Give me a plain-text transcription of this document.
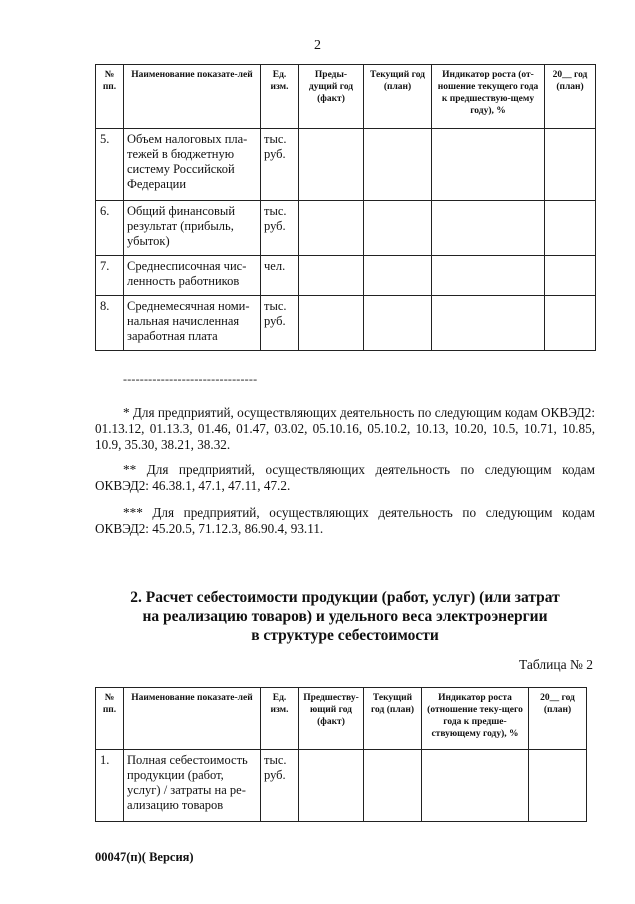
2
№ пп.	Наименование показате-лей	Ед. изм.	Преды-дущий год (факт)	Текущий год (план)	Индикатор роста (от-ношение текущего года к предшествую-щему году), %	20__ год (план)
5.	Объем налоговых пла-тежей в бюджетную систему Российской Федерации	тыс. руб.				
6.	Общий финансовый результат (прибыль, убыток)	тыс. руб.				
7.	Среднесписочная чис-ленность работников	чел.				
8.	Среднемесячная номи-нальная начисленная заработная плата	тыс. руб.				
--------------------------------
* Для предприятий, осуществляющих деятельность по следующим кодам ОКВЭД2: 01.13.12, 01.13.3, 01.46, 01.47, 03.02, 05.10.16, 05.10.2, 10.13, 10.20, 10.5, 10.71, 10.85, 10.9, 35.30, 38.21, 38.32.
** Для предприятий, осуществляющих деятельность по следующим кодам ОКВЭД2: 46.38.1, 47.1, 47.11, 47.2.
*** Для предприятий, осуществляющих деятельность по следующим кодам ОКВЭД2: 45.20.5, 71.12.3, 86.90.4, 93.11.
2. Расчет себестоимости продукции (работ, услуг) (или затрат
на реализацию товаров) и удельного веса электроэнергии
в структуре себестоимости
Таблица № 2
№ пп.	Наименование показате-лей	Ед. изм.	Предшеству-ющий год (факт)	Текущий год (план)	Индикатор роста (отношение теку-щего года к предше-ствующему году), %	20__ год (план)
1.	Полная себестоимость продукции (работ, услуг) / затраты на ре-ализацию товаров	тыс. руб.				
00047(п)( Версия)
